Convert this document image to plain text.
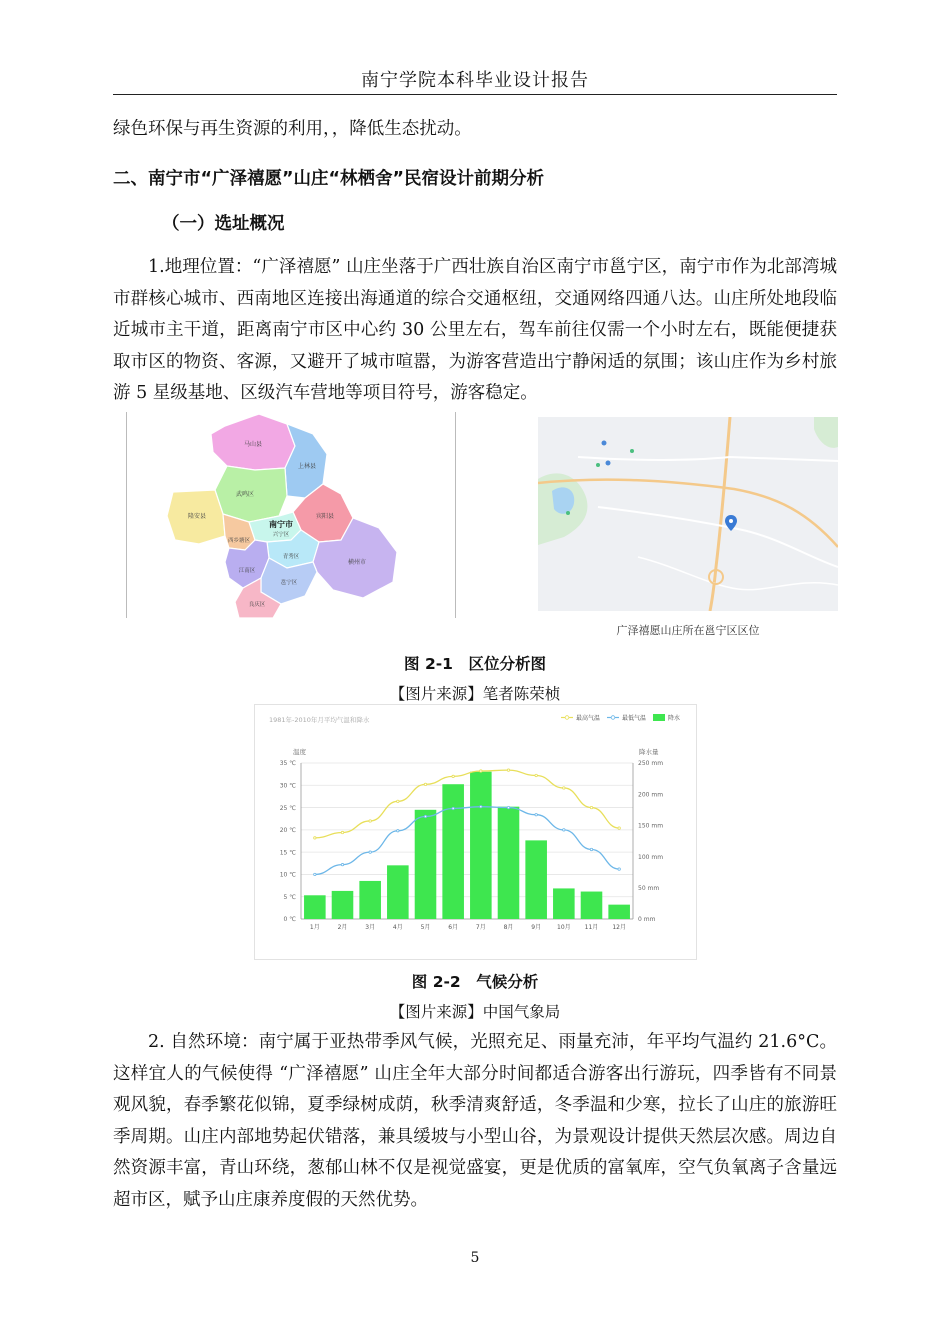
南宁学院本科毕业设计报告

绿色环保与再生资源的利用，，降低生态扰动。

二、南宁市“广泽禧愿”山庄“林栖舍”民宿设计前期分析

（一）选址概况

1.地理位置：“广泽禧愿” 山庄坐落于广西壮族自治区南宁市邕宁区，南宁市作为北部湾城市群核心城市、西南地区连接出海通道的综合交通枢纽，交通网络四通八达。山庄所处地段临近城市主干道，距离南宁市区中心约 30 公里左右，驾车前往仅需一个小时左右，既能便捷获取市区的物资、客源，又避开了城市喧嚣，为游客营造出宁静闲适的氛围；该山庄作为乡村旅游 5 星级基地、区级汽车营地等项目符号，游客稳定。

马山县
上林县
武鸣区
宾阳县
隆安县
南宁市
西乡塘区
兴宁区
青秀区
横州市
江南区
邕宁区
良庆区
广泽禧愿山庄所在邕宁区区位

图 2-1　区位分析图

【图片来源】笔者陈荣桢

1981年-2010年月平均气温和降水	最高气温	最低气温	降水
温度	降水量
0 ℃
5 ℃
10 ℃
15 ℃
20 ℃
25 ℃
30 ℃
35 ℃
0 mm
50 mm
100 mm
150 mm
200 mm
250 mm
1月	2月	3月	4月	5月	6月	7月	8月	9月	10月 11月 12月

图 2-2　气候分析

【图片来源】中国气象局

2. 自然环境：南宁属于亚热带季风气候，光照充足、雨量充沛，年平均气温约 21.6°C。这样宜人的气候使得 “广泽禧愿” 山庄全年大部分时间都适合游客出行游玩，四季皆有不同景观风貌，春季繁花似锦，夏季绿树成荫，秋季清爽舒适，冬季温和少寒，拉长了山庄的旅游旺季周期。山庄内部地势起伏错落，兼具缓坡与小型山谷，为景观设计提供天然层次感。周边自然资源丰富，青山环绕，葱郁山林不仅是视觉盛宴，更是优质的富氧库，空气负氧离子含量远超市区，赋予山庄康养度假的天然优势。

5
